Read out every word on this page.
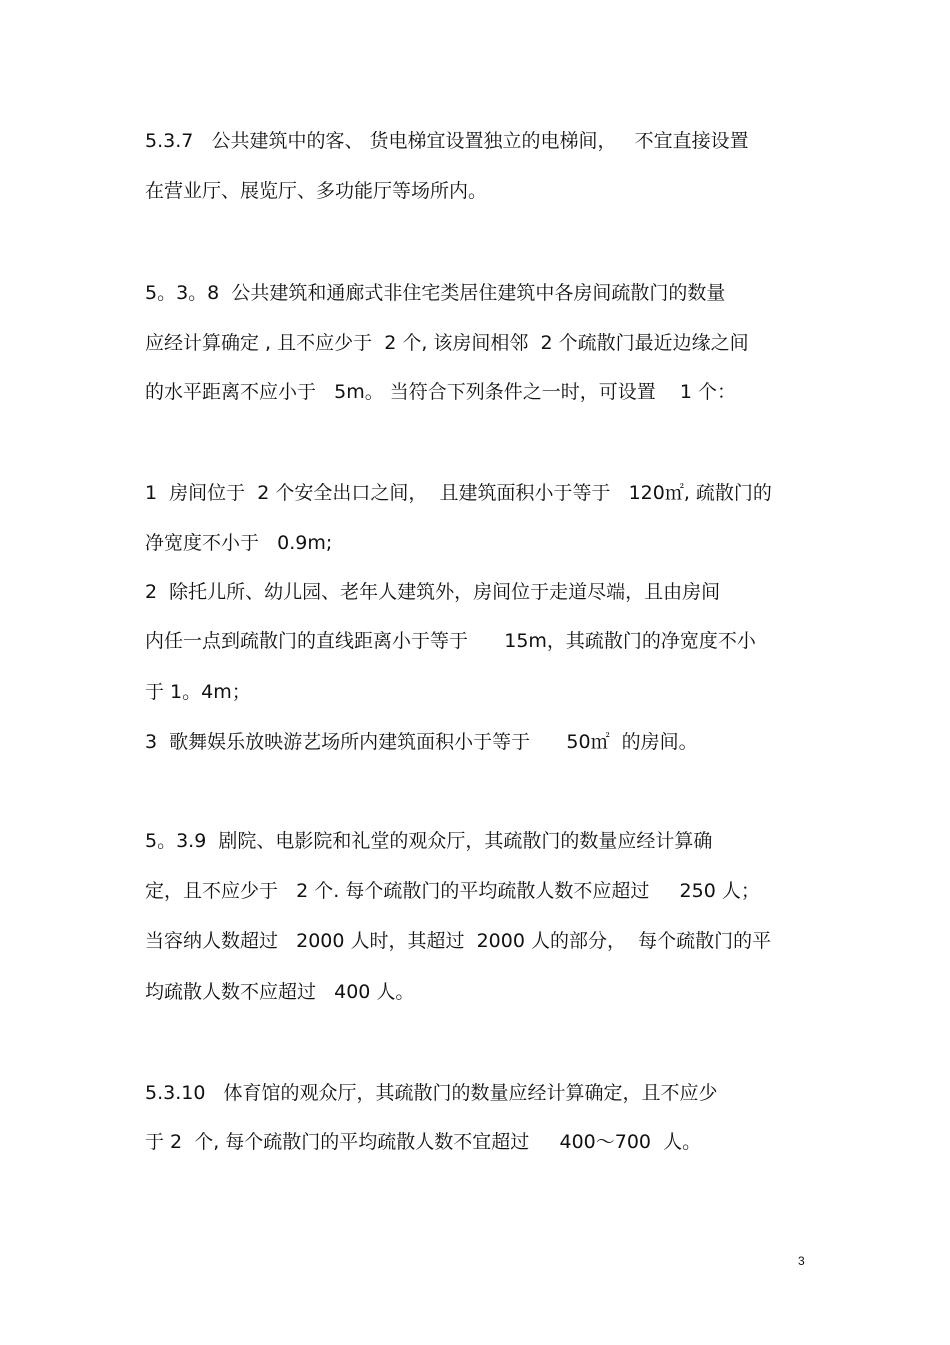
5.3.7   公共建筑中的客、 货电梯宜设置独立的电梯间，   不宜直接设置
在营业厅、展览厅、多功能厅等场所内。
5。3。8  公共建筑和通廊式非住宅类居住建筑中各房间疏散门的数量
应经计算确定 , 且不应少于  2 个, 该房间相邻  2 个疏散门最近边缘之间
的水平距离不应小于   5m。 当符合下列条件之一时，可设置    1 个：
1  房间位于  2 个安全出口之间，  且建筑面积小于等于   120㎡, 疏散门的
净宽度不小于   0.9m;
2  除托儿所、幼儿园、老年人建筑外，房间位于走道尽端，且由房间
内任一点到疏散门的直线距离小于等于      15m，其疏散门的净宽度不小
于 1。4m；
3  歌舞娱乐放映游艺场所内建筑面积小于等于      50㎡  的房间。
5。3.9  剧院、电影院和礼堂的观众厅，其疏散门的数量应经计算确
定，且不应少于   2 个. 每个疏散门的平均疏散人数不应超过     250 人；
当容纳人数超过   2000 人时，其超过  2000 人的部分，  每个疏散门的平
均疏散人数不应超过   400 人。
5.3.10   体育馆的观众厅，其疏散门的数量应经计算确定，且不应少
于 2  个, 每个疏散门的平均疏散人数不宜超过     400～700  人。
3
